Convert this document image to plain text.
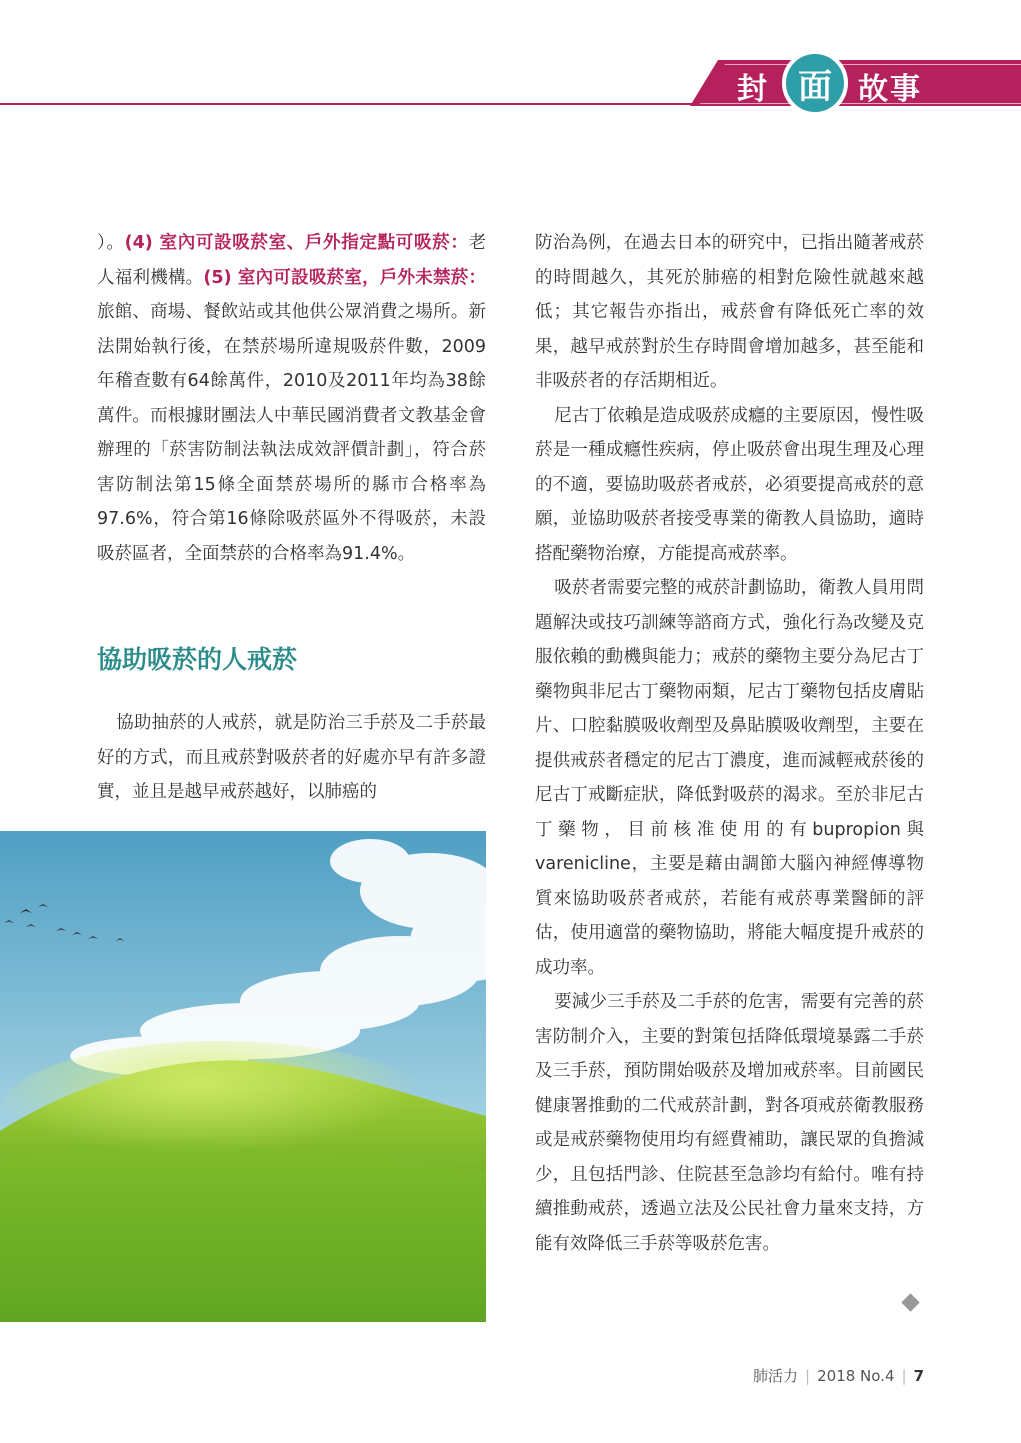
封 面 故事

）。(4) 室內可設吸菸室、戶外指定點可吸菸：老人福利機構。(5) 室內可設吸菸室，戶外未禁菸：旅館、商場、餐飲站或其他供公眾消費之場所。新法開始執行後，在禁菸場所違規吸菸件數，2009年稽查數有64餘萬件，2010及2011年均為38餘萬件。而根據財團法人中華民國消費者文教基金會辦理的「菸害防制法執法成效評價計劃」，符合菸害防制法第15條全面禁菸場所的縣市合格率為97.6%，符合第16條除吸菸區外不得吸菸，未設吸菸區者，全面禁菸的合格率為91.4%。

協助吸菸的人戒菸

協助抽菸的人戒菸，就是防治三手菸及二手菸最好的方式，而且戒菸對吸菸者的好處亦早有許多證實，並且是越早戒菸越好，以肺癌的

防治為例，在過去日本的研究中，已指出隨著戒菸的時間越久，其死於肺癌的相對危險性就越來越低；其它報告亦指出，戒菸會有降低死亡率的效果，越早戒菸對於生存時間會增加越多，甚至能和非吸菸者的存活期相近。

尼古丁依賴是造成吸菸成癮的主要原因，慢性吸菸是一種成癮性疾病，停止吸菸會出現生理及心理的不適，要協助吸菸者戒菸，必須要提高戒菸的意願，並協助吸菸者接受專業的衛教人員協助，適時搭配藥物治療，方能提高戒菸率。

吸菸者需要完整的戒菸計劃協助，衛教人員用問題解決或技巧訓練等諮商方式，強化行為改變及克服依賴的動機與能力；戒菸的藥物主要分為尼古丁藥物與非尼古丁藥物兩類，尼古丁藥物包括皮膚貼片、口腔黏膜吸收劑型及鼻貼膜吸收劑型，主要在提供戒菸者穩定的尼古丁濃度，進而減輕戒菸後的尼古丁戒斷症狀，降低對吸菸的渴求。至於非尼古丁藥物，目前核准使用的有bupropion與varenicline，主要是藉由調節大腦內神經傳導物質來協助吸菸者戒菸，若能有戒菸專業醫師的評估，使用適當的藥物協助，將能大幅度提升戒菸的成功率。

要減少三手菸及二手菸的危害，需要有完善的菸害防制介入，主要的對策包括降低環境暴露二手菸及三手菸，預防開始吸菸及增加戒菸率。目前國民健康署推動的二代戒菸計劃，對各項戒菸衛教服務或是戒菸藥物使用均有經費補助，讓民眾的負擔減少，且包括門診、住院甚至急診均有給付。唯有持續推動戒菸，透過立法及公民社會力量來支持，方能有效降低三手菸等吸菸危害。

肺活力 | 2018 No.4 | 7
